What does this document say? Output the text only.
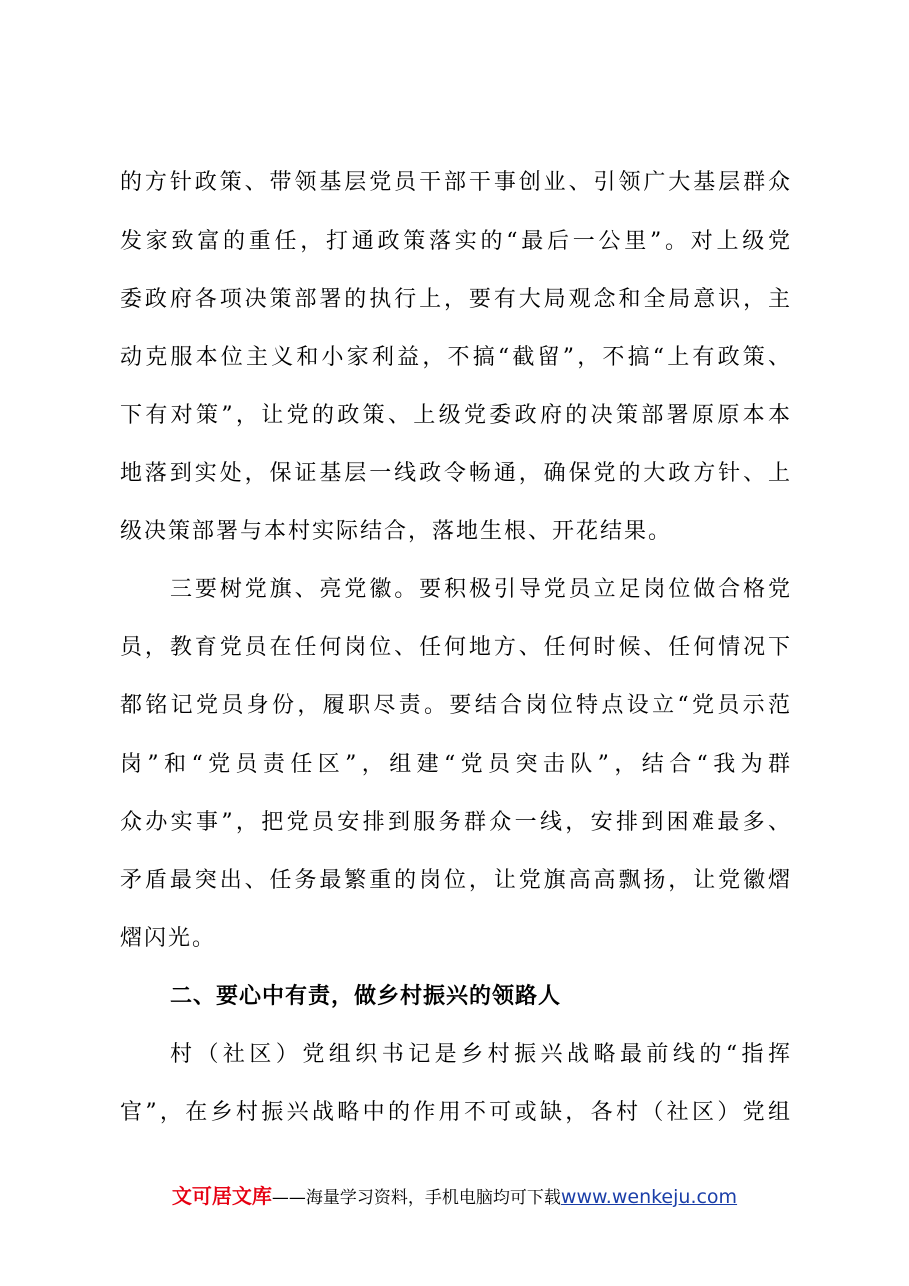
的方针政策、带领基层党员干部干事创业、引领广大基层群众
发家致富的重任，打通政策落实的“最后一公里”。对上级党
委政府各项决策部署的执行上，要有大局观念和全局意识，主
动克服本位主义和小家利益，不搞“截留”，不搞“上有政策、
下有对策”，让党的政策、上级党委政府的决策部署原原本本
地落到实处，保证基层一线政令畅通，确保党的大政方针、上
级决策部署与本村实际结合，落地生根、开花结果。
三要树党旗、亮党徽。要积极引导党员立足岗位做合格党
员，教育党员在任何岗位、任何地方、任何时候、任何情况下
都铭记党员身份，履职尽责。要结合岗位特点设立“党员示范
岗”和“党员责任区”，组建“党员突击队”，结合“我为群
众办实事”，把党员安排到服务群众一线，安排到困难最多、
矛盾最突出、任务最繁重的岗位，让党旗高高飘扬，让党徽熠
熠闪光。
二、要心中有责，做乡村振兴的领路人
村（社区）党组织书记是乡村振兴战略最前线的“指挥
官”，在乡村振兴战略中的作用不可或缺，各村（社区）党组
文可居文库——海量学习资料，手机电脑均可下载www.wenkeju.com
